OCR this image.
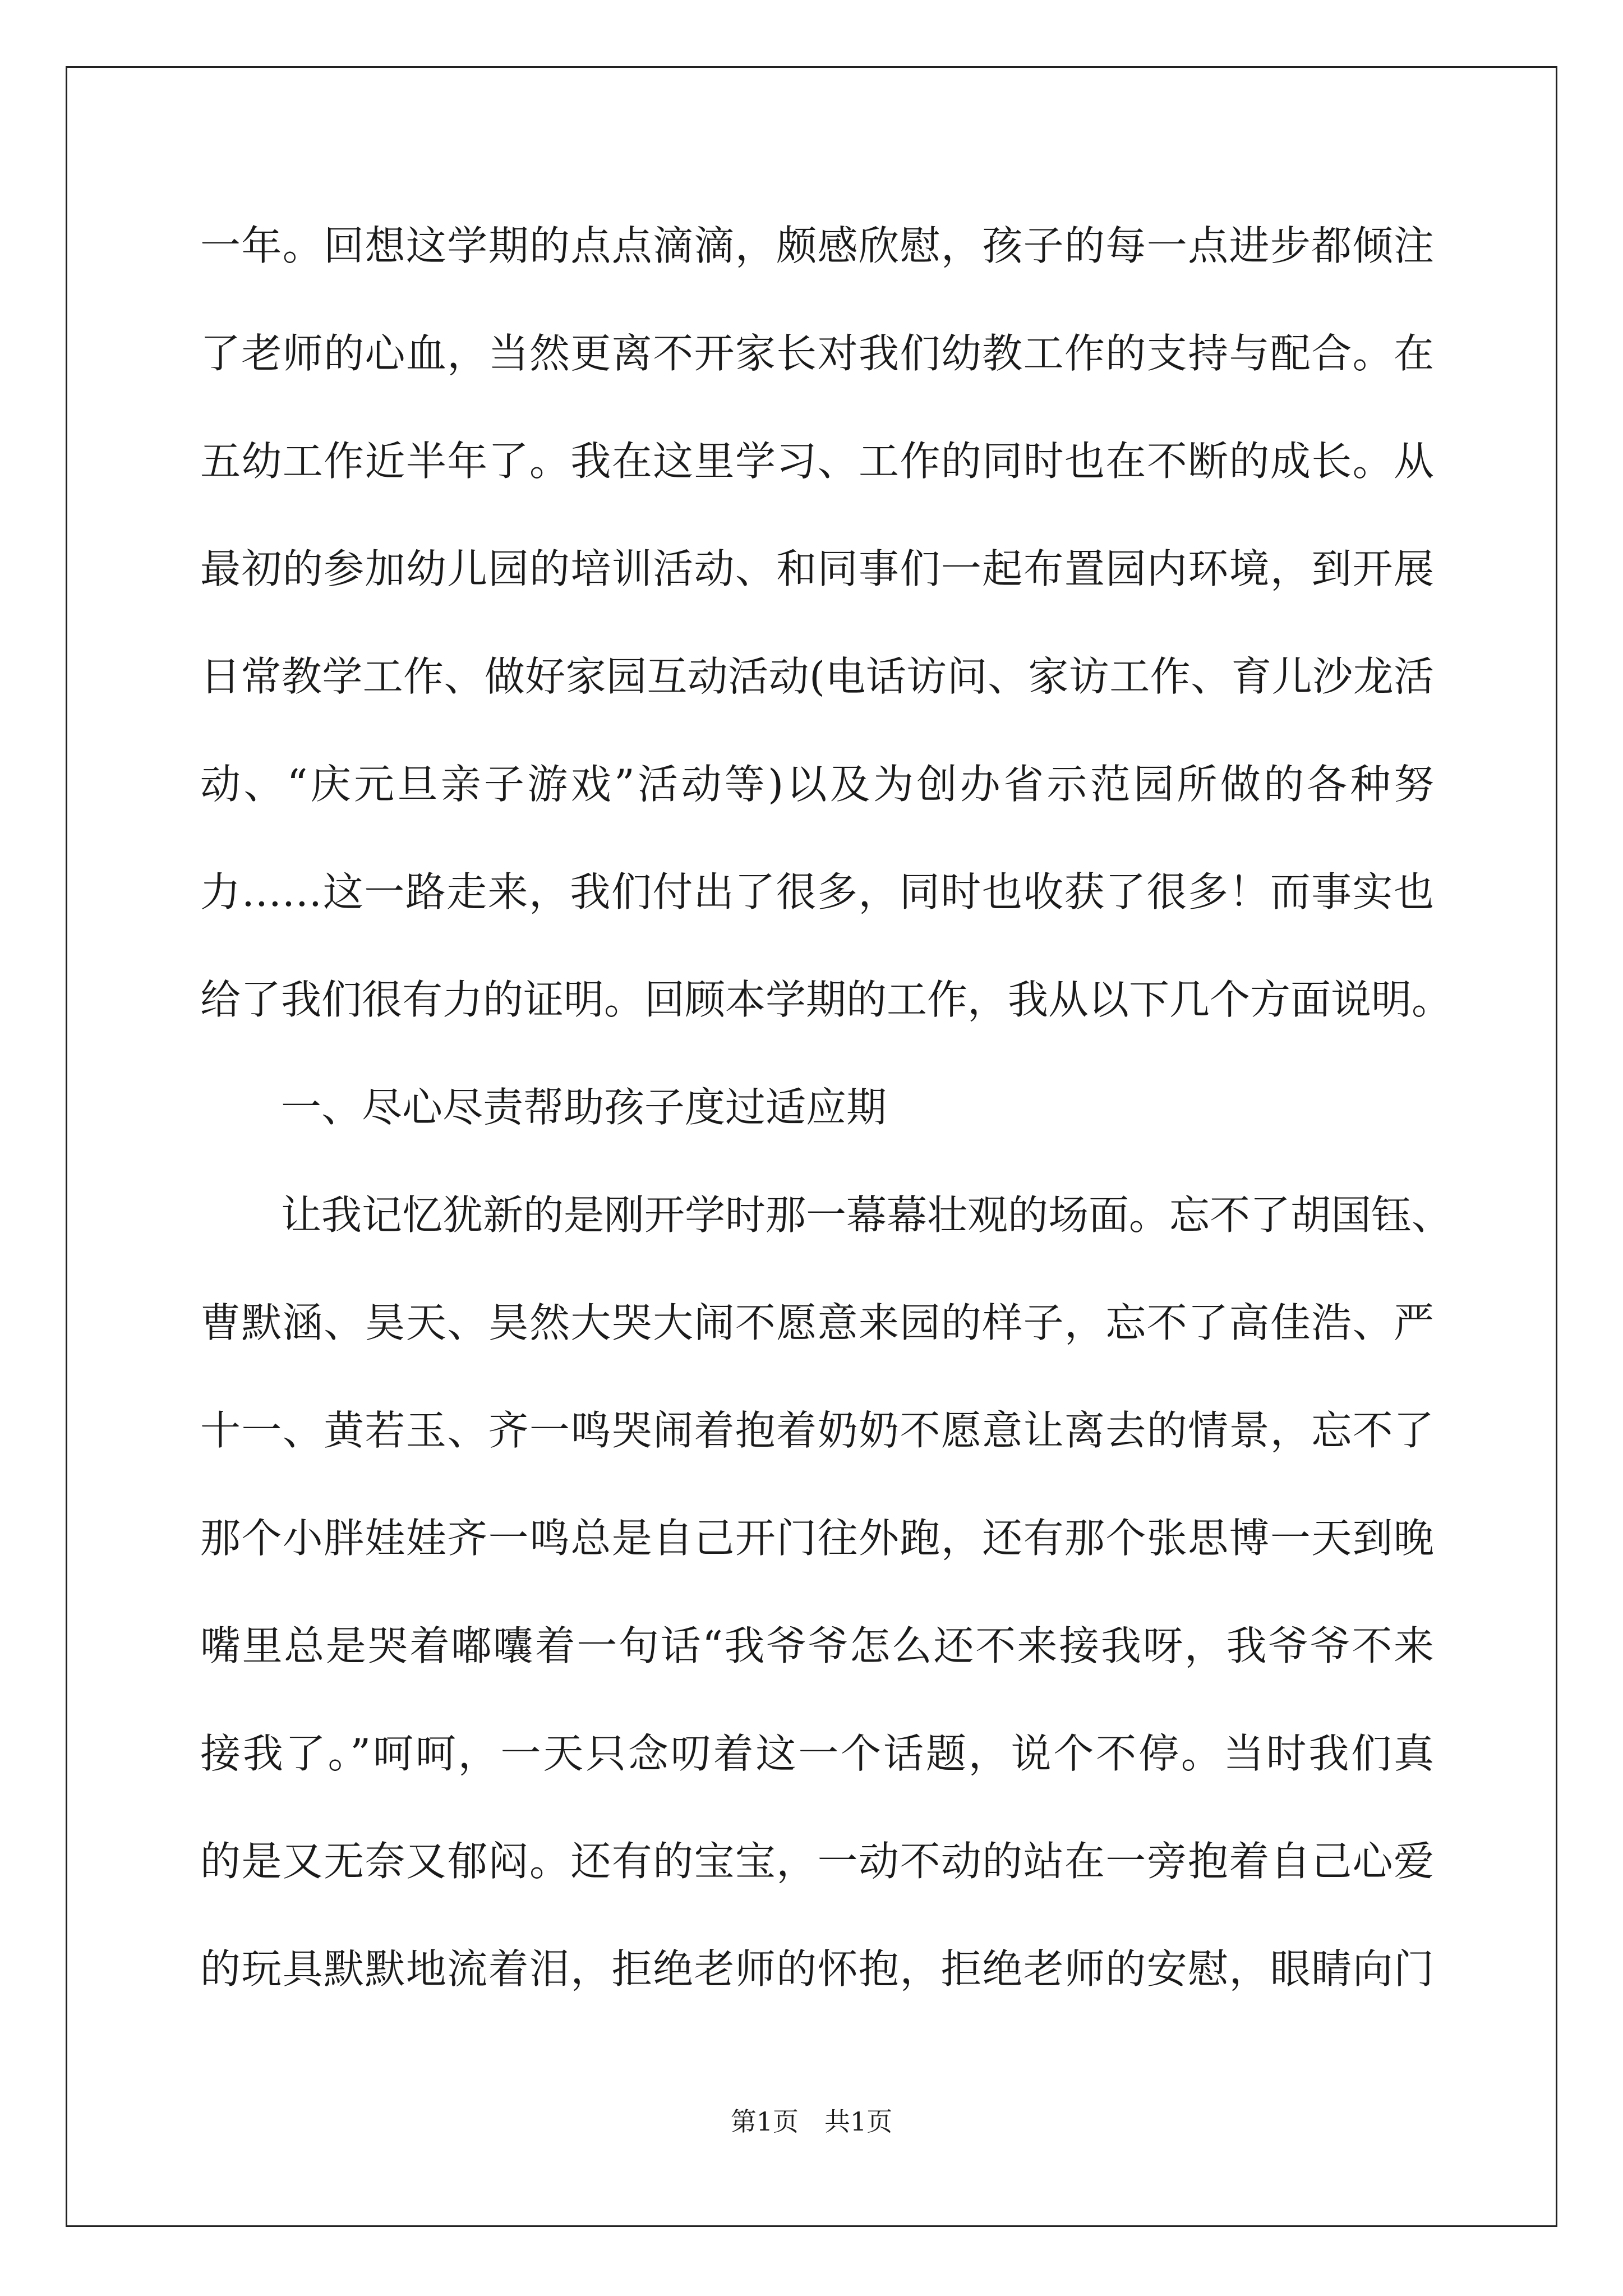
一年。回想这学期的点点滴滴，颇感欣慰，孩子的每一点进步都倾注
了老师的心血，当然更离不开家长对我们幼教工作的支持与配合。在
五幼工作近半年了。我在这里学习、工作的同时也在不断的成长。从
最初的参加幼儿园的培训活动、和同事们一起布置园内环境，到开展
日常教学工作、做好家园互动活动(电话访问、家访工作、育儿沙龙活
动、“庆元旦亲子游戏”活动等)以及为创办省示范园所做的各种努
力……这一路走来，我们付出了很多，同时也收获了很多！而事实也
给了我们很有力的证明。回顾本学期的工作，我从以下几个方面说明。
一、尽心尽责帮助孩子度过适应期
让我记忆犹新的是刚开学时那一幕幕壮观的场面。忘不了胡国钰、
曹默涵、昊天、昊然大哭大闹不愿意来园的样子，忘不了高佳浩、严
十一、黄若玉、齐一鸣哭闹着抱着奶奶不愿意让离去的情景，忘不了
那个小胖娃娃齐一鸣总是自己开门往外跑，还有那个张思博一天到晚
嘴里总是哭着嘟囔着一句话“我爷爷怎么还不来接我呀，我爷爷不来
接我了。”呵呵，一天只念叨着这一个话题，说个不停。当时我们真
的是又无奈又郁闷。还有的宝宝，一动不动的站在一旁抱着自己心爱
的玩具默默地流着泪，拒绝老师的怀抱，拒绝老师的安慰，眼睛向门
第1页　共1页
